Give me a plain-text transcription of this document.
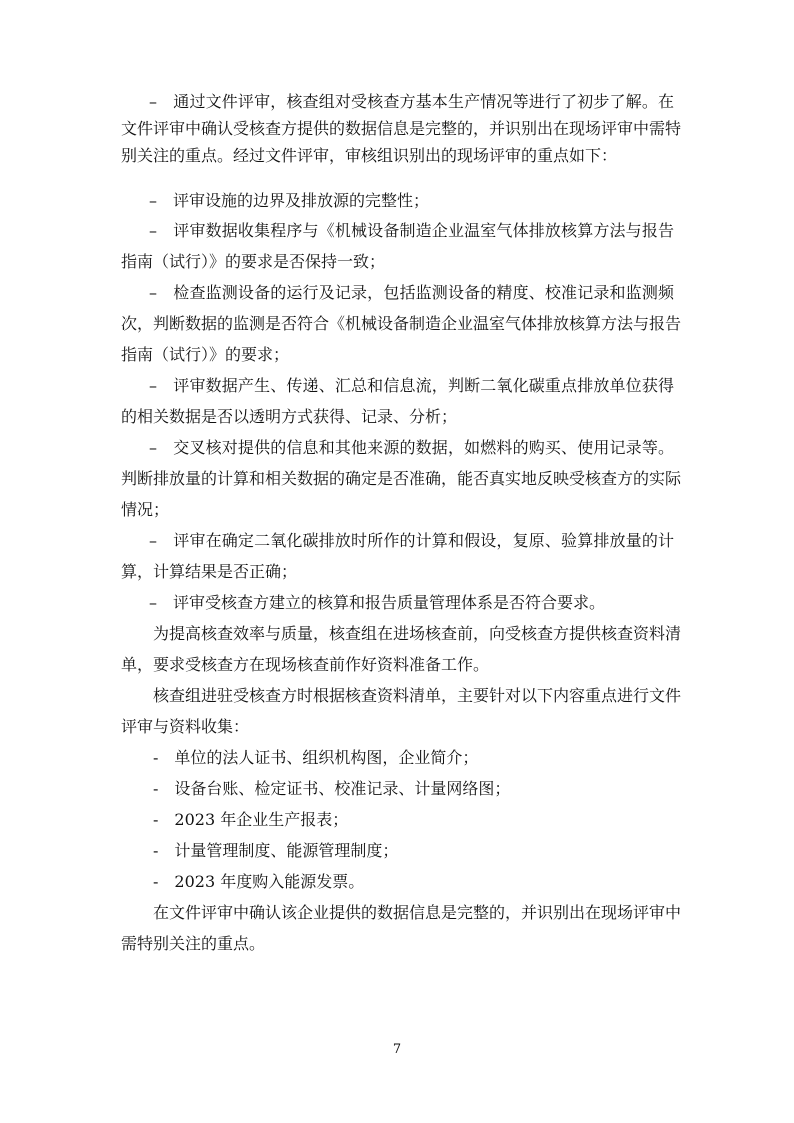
–　通过文件评审，核查组对受核查方基本生产情况等进行了初步了解。在
文件评审中确认受核查方提供的数据信息是完整的，并识别出在现场评审中需特
别关注的重点。经过文件评审，审核组识别出的现场评审的重点如下：
–　评审设施的边界及排放源的完整性；
–　评审数据收集程序与《机械设备制造企业温室气体排放核算方法与报告
指南（试行）》的要求是否保持一致；
–　检查监测设备的运行及记录，包括监测设备的精度、校准记录和监测频
次，判断数据的监测是否符合《机械设备制造企业温室气体排放核算方法与报告
指南（试行）》的要求；
–　评审数据产生、传递、汇总和信息流，判断二氧化碳重点排放单位获得
的相关数据是否以透明方式获得、记录、分析；
–　交叉核对提供的信息和其他来源的数据，如燃料的购买、使用记录等。
判断排放量的计算和相关数据的确定是否准确，能否真实地反映受核查方的实际
情况；
–　评审在确定二氧化碳排放时所作的计算和假设，复原、验算排放量的计
算，计算结果是否正确；
–　评审受核查方建立的核算和报告质量管理体系是否符合要求。
为提高核查效率与质量，核查组在进场核查前，向受核查方提供核查资料清
单，要求受核查方在现场核查前作好资料准备工作。
核查组进驻受核查方时根据核查资料清单，主要针对以下内容重点进行文件
评审与资料收集：
-　单位的法人证书、组织机构图，企业简介；
-　设备台账、检定证书、校准记录、计量网络图；
-　2023 年企业生产报表；
-　计量管理制度、能源管理制度；
-　2023 年度购入能源发票。
在文件评审中确认该企业提供的数据信息是完整的，并识别出在现场评审中
需特别关注的重点。
7
